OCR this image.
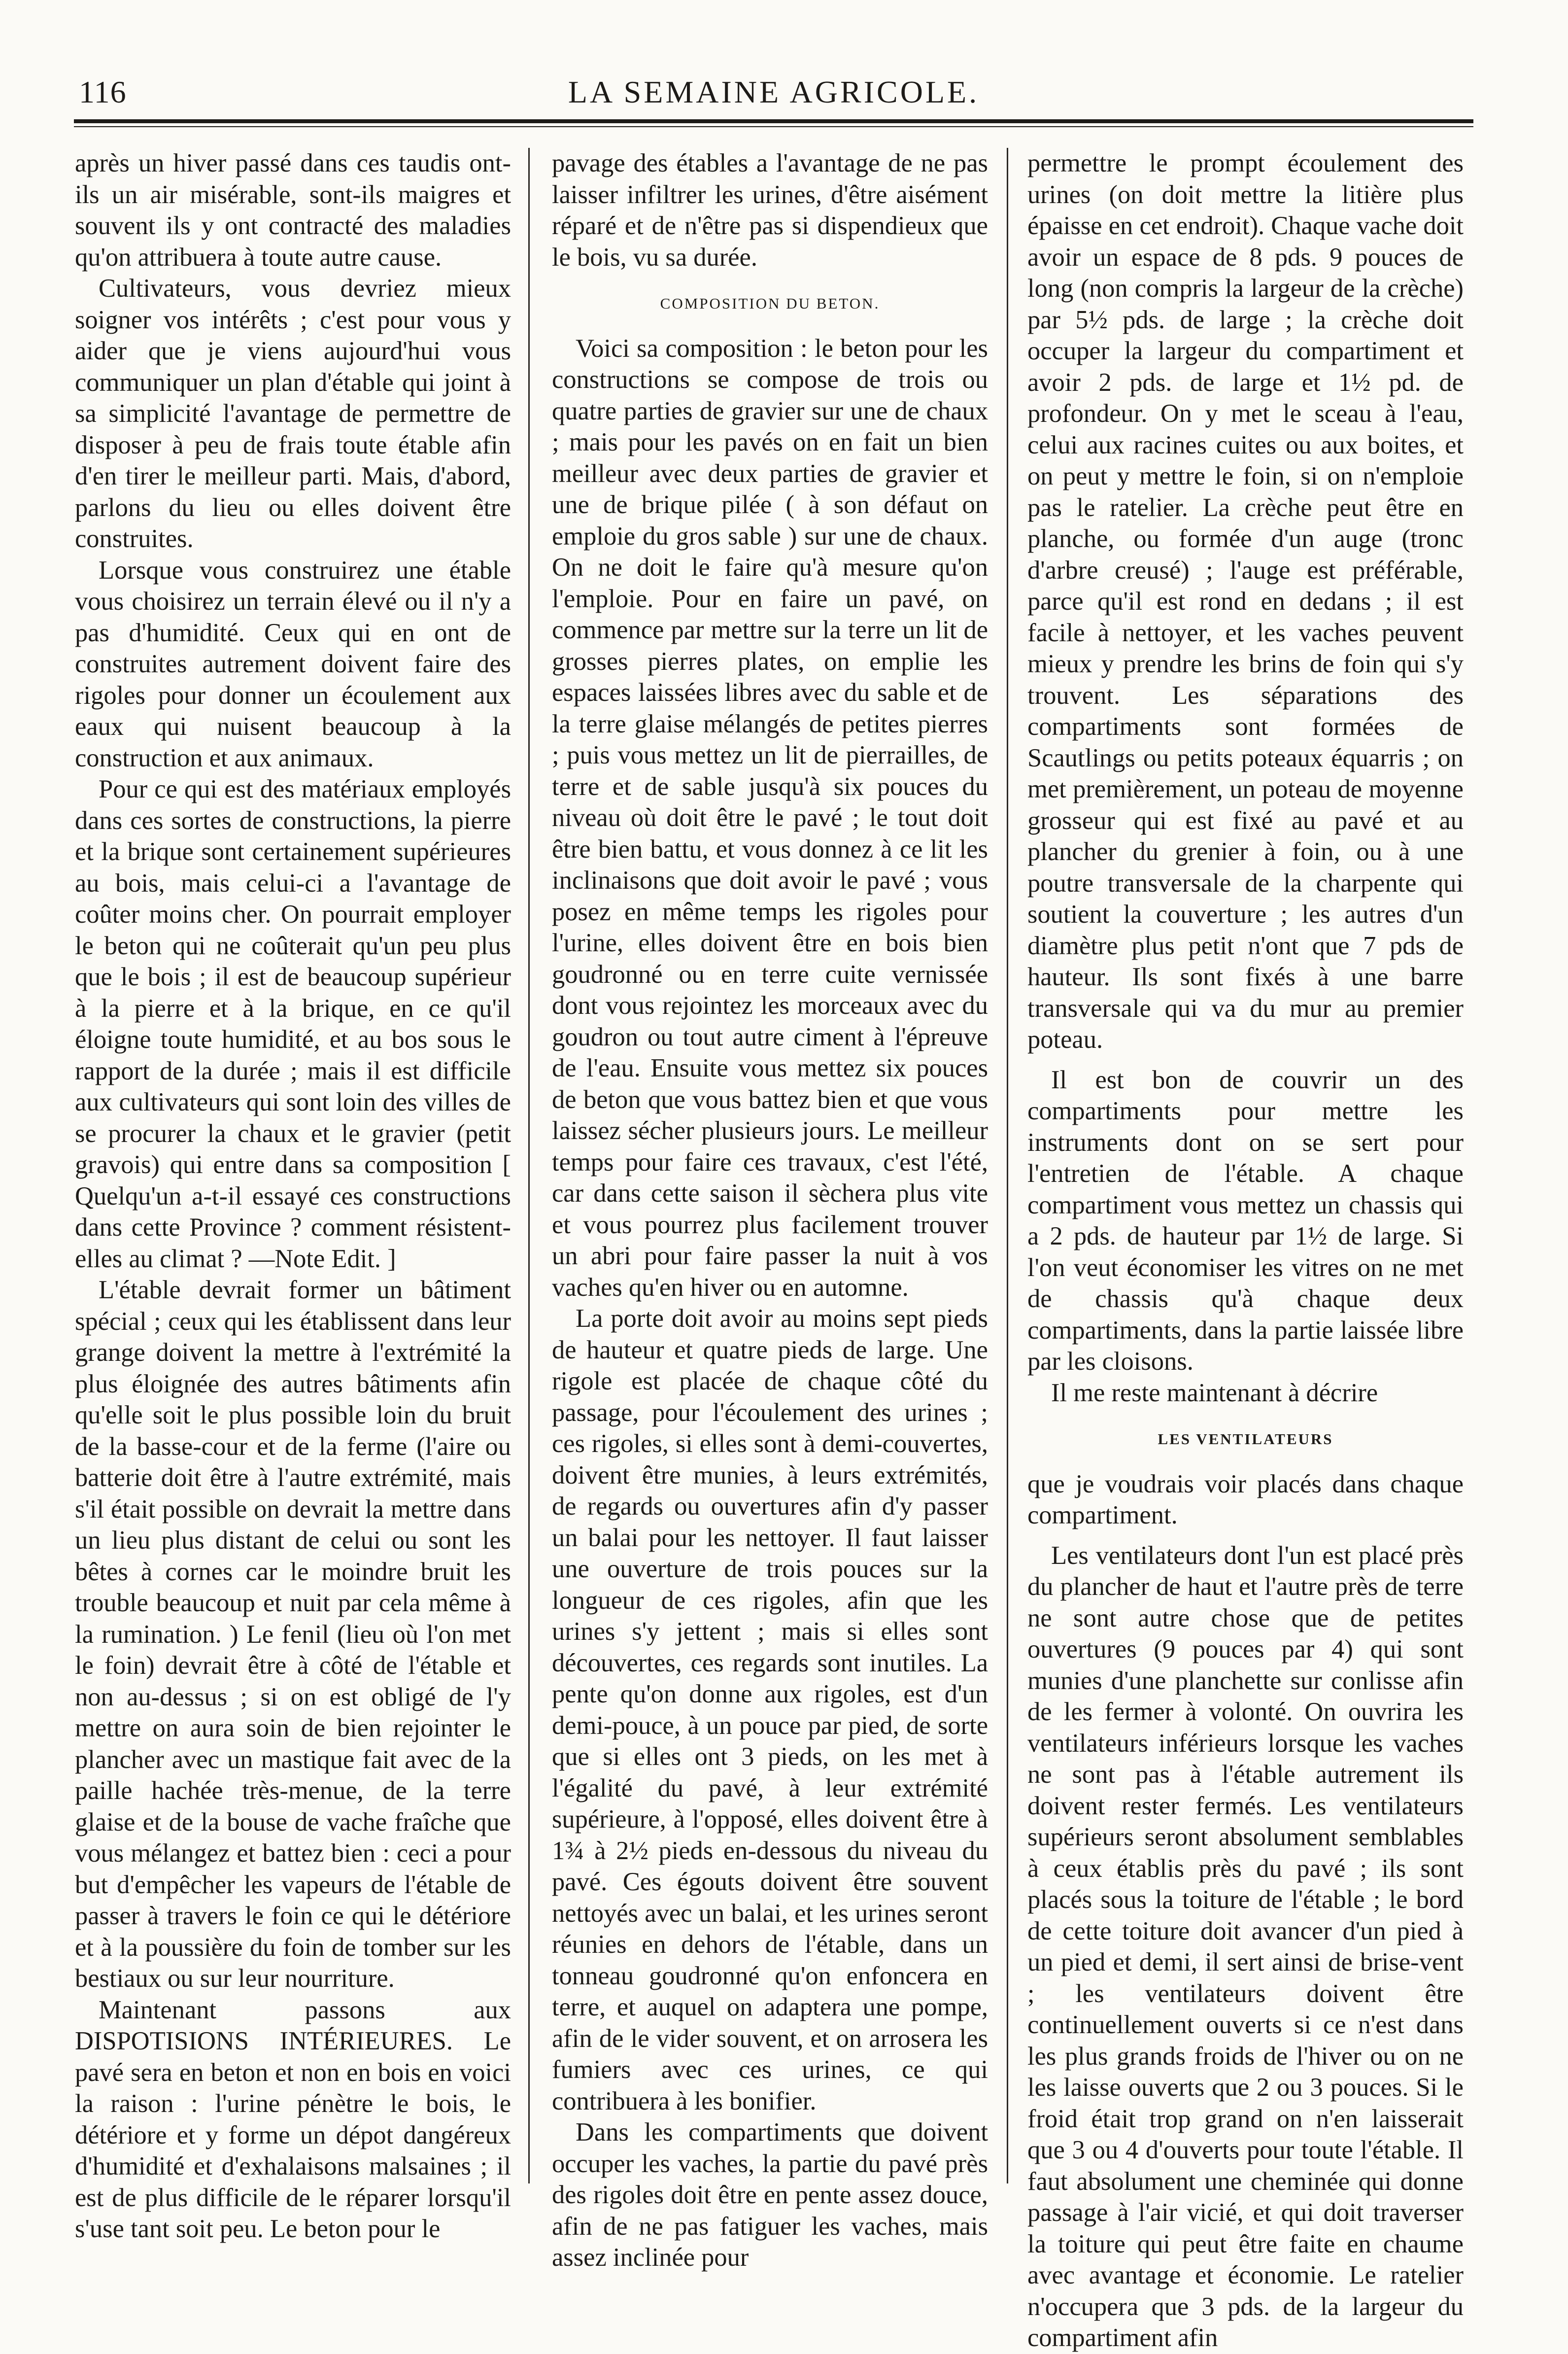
116	LA SEMAINE AGRICOLE.

après un hiver passé dans ces taudis ont-ils un air misérable, sont-ils maigres et souvent ils y ont contracté des maladies qu'on attribuera à toute autre cause.

Cultivateurs, vous devriez mieux soigner vos intérêts ; c'est pour vous y aider que je viens aujourd'hui vous communiquer un plan d'étable qui joint à sa simplicité l'avantage de permettre de disposer à peu de frais toute étable afin d'en tirer le meilleur parti. Mais, d'abord, parlons du lieu ou elles doivent être construites.

Lorsque vous construirez une étable vous choisirez un terrain élevé ou il n'y a pas d'humidité. Ceux qui en ont de construites autrement doivent faire des rigoles pour donner un écoulement aux eaux qui nuisent beaucoup à la construction et aux animaux.

Pour ce qui est des matériaux employés dans ces sortes de constructions, la pierre et la brique sont certainement supérieures au bois, mais celui-ci a l'avantage de coûter moins cher. On pourrait employer le beton qui ne coûterait qu'un peu plus que le bois ; il est de beaucoup supérieur à la pierre et à la brique, en ce qu'il éloigne toute humidité, et au bos sous le rapport de la durée ; mais il est difficile aux cultivateurs qui sont loin des villes de se procurer la chaux et le gravier (petit gravois) qui entre dans sa composition [ Quelqu'un a-t-il essayé ces constructions dans cette Province ? comment résistent-elles au climat ? —Note Edit. ]

L'étable devrait former un bâtiment spécial ; ceux qui les établissent dans leur grange doivent la mettre à l'extrémité la plus éloignée des autres bâtiments afin qu'elle soit le plus possible loin du bruit de la basse-cour et de la ferme (l'aire ou batterie doit être à l'autre extrémité, mais s'il était possible on devrait la mettre dans un lieu plus distant de celui ou sont les bêtes à cornes car le moindre bruit les trouble beaucoup et nuit par cela même à la rumination. ) Le fenil (lieu où l'on met le foin) devrait être à côté de l'étable et non au-dessus ; si on est obligé de l'y mettre on aura soin de bien rejointer le plancher avec un mastique fait avec de la paille hachée très-menue, de la terre glaise et de la bouse de vache fraîche que vous mélangez et battez bien : ceci a pour but d'empêcher les vapeurs de l'étable de passer à travers le foin ce qui le détériore et à la poussière du foin de tomber sur les bestiaux ou sur leur nourriture.

Maintenant passons aux DISPOTISIONS INTÉRIEURES. Le pavé sera en beton et non en bois en voici la raison : l'urine pénètre le bois, le détériore et y forme un dépot dangéreux d'humidité et d'exhalaisons malsaines ; il est de plus difficile de le réparer lorsqu'il s'use tant soit peu. Le beton pour le

pavage des étables a l'avantage de ne pas laisser infiltrer les urines, d'être aisément réparé et de n'être pas si dispendieux que le bois, vu sa durée.

COMPOSITION DU BETON.

Voici sa composition : le beton pour les constructions se compose de trois ou quatre parties de gravier sur une de chaux ; mais pour les pavés on en fait un bien meilleur avec deux parties de gravier et une de brique pilée ( à son défaut on emploie du gros sable ) sur une de chaux. On ne doit le faire qu'à mesure qu'on l'emploie. Pour en faire un pavé, on commence par mettre sur la terre un lit de grosses pierres plates, on emplie les espaces laissées libres avec du sable et de la terre glaise mélangés de petites pierres ; puis vous mettez un lit de pierrailles, de terre et de sable jusqu'à six pouces du niveau où doit être le pavé ; le tout doit être bien battu, et vous donnez à ce lit les inclinaisons que doit avoir le pavé ; vous posez en même temps les rigoles pour l'urine, elles doivent être en bois bien goudronné ou en terre cuite vernissée dont vous rejointez les morceaux avec du goudron ou tout autre ciment à l'épreuve de l'eau. Ensuite vous mettez six pouces de beton que vous battez bien et que vous laissez sécher plusieurs jours. Le meilleur temps pour faire ces travaux, c'est l'été, car dans cette saison il sèchera plus vite et vous pourrez plus facilement trouver un abri pour faire passer la nuit à vos vaches qu'en hiver ou en automne.

La porte doit avoir au moins sept pieds de hauteur et quatre pieds de large. Une rigole est placée de chaque côté du passage, pour l'écoulement des urines ; ces rigoles, si elles sont à demi-couvertes, doivent être munies, à leurs extrémités, de regards ou ouvertures afin d'y passer un balai pour les nettoyer. Il faut laisser une ouverture de trois pouces sur la longueur de ces rigoles, afin que les urines s'y jettent ; mais si elles sont découvertes, ces regards sont inutiles. La pente qu'on donne aux rigoles, est d'un demi-pouce, à un pouce par pied, de sorte que si elles ont 3 pieds, on les met à l'égalité du pavé, à leur extrémité supérieure, à l'opposé, elles doivent être à 1¾ à 2½ pieds en-dessous du niveau du pavé. Ces égouts doivent être souvent nettoyés avec un balai, et les urines seront réunies en dehors de l'étable, dans un tonneau goudronné qu'on enfoncera en terre, et auquel on adaptera une pompe, afin de le vider souvent, et on arrosera les fumiers avec ces urines, ce qui contribuera à les bonifier.

Dans les compartiments que doivent occuper les vaches, la partie du pavé près des rigoles doit être en pente assez douce, afin de ne pas fatiguer les vaches, mais assez inclinée pour

permettre le prompt écoulement des urines (on doit mettre la litière plus épaisse en cet endroit). Chaque vache doit avoir un espace de 8 pds. 9 pouces de long (non compris la largeur de la crèche) par 5½ pds. de large ; la crèche doit occuper la largeur du compartiment et avoir 2 pds. de large et 1½ pd. de profondeur. On y met le sceau à l'eau, celui aux racines cuites ou aux boites, et on peut y mettre le foin, si on n'emploie pas le ratelier. La crèche peut être en planche, ou formée d'un auge (tronc d'arbre creusé) ; l'auge est préférable, parce qu'il est rond en dedans ; il est facile à nettoyer, et les vaches peuvent mieux y prendre les brins de foin qui s'y trouvent. Les séparations des compartiments sont formées de Scautlings ou petits poteaux équarris ; on met premièrement, un poteau de moyenne grosseur qui est fixé au pavé et au plancher du grenier à foin, ou à une poutre transversale de la charpente qui soutient la couverture ; les autres d'un diamètre plus petit n'ont que 7 pds de hauteur. Ils sont fixés à une barre transversale qui va du mur au premier poteau.

Il est bon de couvrir un des compartiments pour mettre les instruments dont on se sert pour l'entretien de l'étable. A chaque compartiment vous mettez un chassis qui a 2 pds. de hauteur par 1½ de large. Si l'on veut économiser les vitres on ne met de chassis qu'à chaque deux compartiments, dans la partie laissée libre par les cloisons.

Il me reste maintenant à décrire

LES VENTILATEURS

que je voudrais voir placés dans chaque compartiment.

Les ventilateurs dont l'un est placé près du plancher de haut et l'autre près de terre ne sont autre chose que de petites ouvertures (9 pouces par 4) qui sont munies d'une planchette sur conlisse afin de les fermer à volonté. On ouvrira les ventilateurs inférieurs lorsque les vaches ne sont pas à l'étable autrement ils doivent rester fermés. Les ventilateurs supérieurs seront absolument semblables à ceux établis près du pavé ; ils sont placés sous la toiture de l'étable ; le bord de cette toiture doit avancer d'un pied à un pied et demi, il sert ainsi de brise-vent ; les ventilateurs doivent être continuellement ouverts si ce n'est dans les plus grands froids de l'hiver ou on ne les laisse ouverts que 2 ou 3 pouces. Si le froid était trop grand on n'en laisserait que 3 ou 4 d'ouverts pour toute l'étable. Il faut absolument une cheminée qui donne passage à l'air vicié, et qui doit traverser la toiture qui peut être faite en chaume avec avantage et économie. Le ratelier n'occupera que 3 pds. de la largeur du compartiment afin
